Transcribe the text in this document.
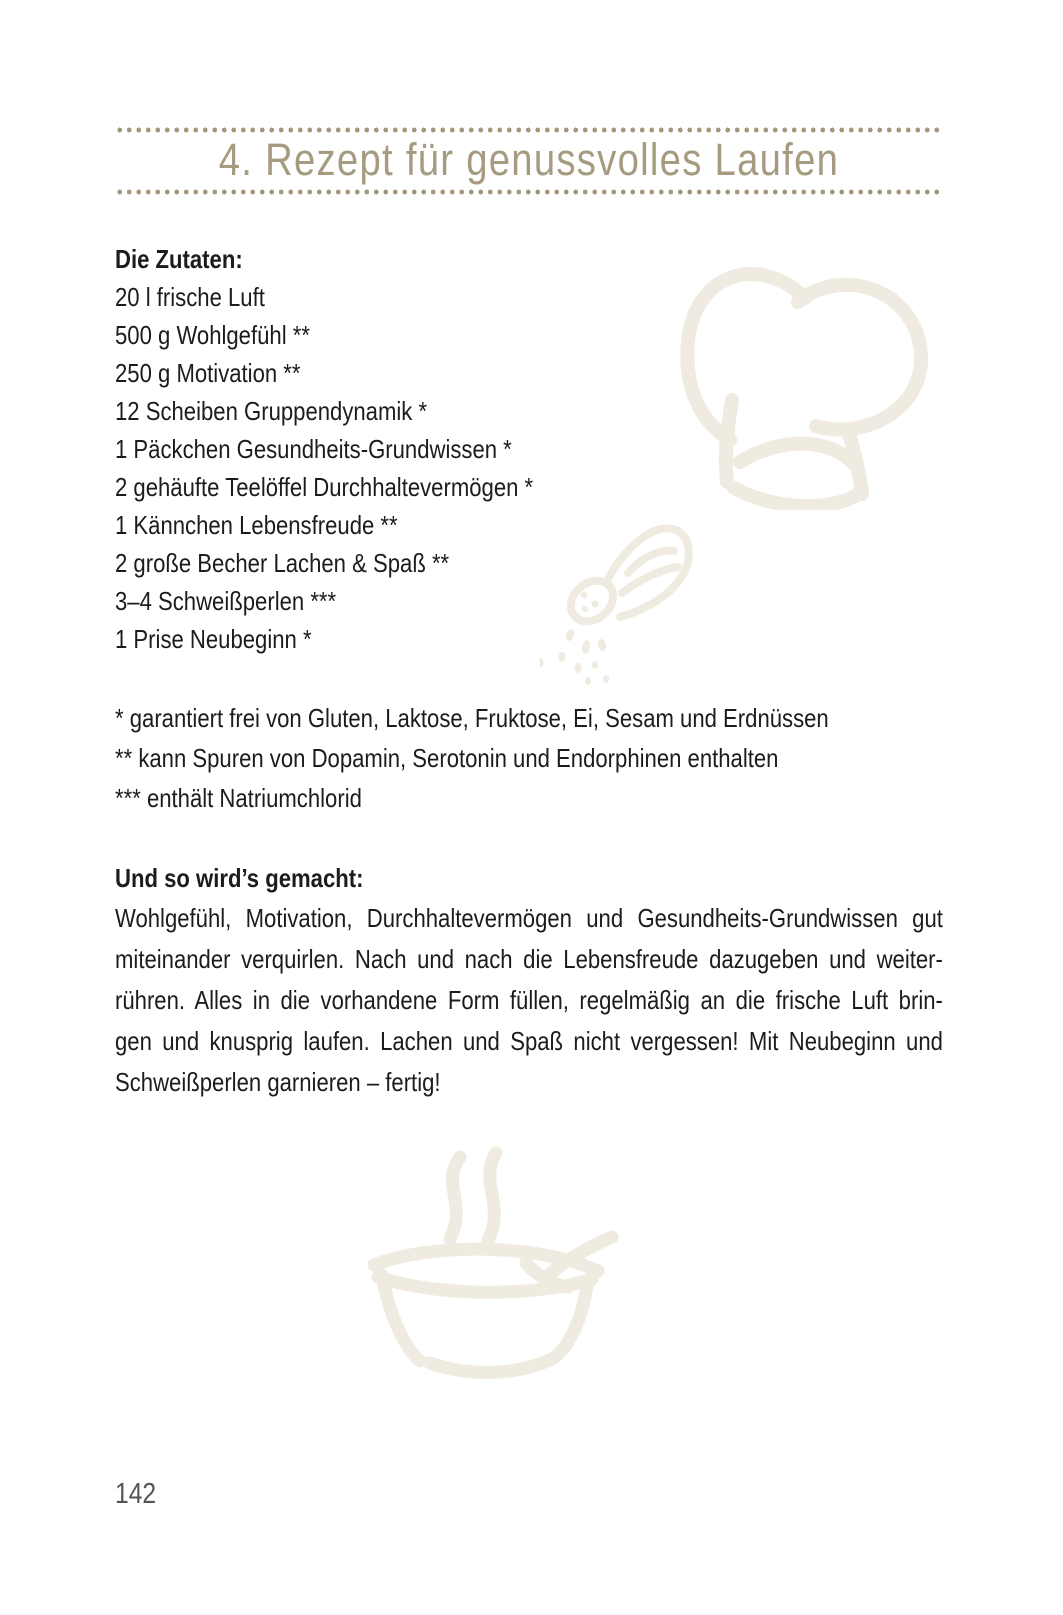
4. Rezept für genussvolles Laufen
Die Zutaten:
20 l frische Luft
500 g Wohlgefühl **
250 g Motivation **
12 Scheiben Gruppendynamik *
1 Päckchen Gesundheits-Grundwissen *
2 gehäufte Teelöffel Durchhaltevermögen *
1 Kännchen Lebensfreude **
2 große Becher Lachen & Spaß **
3–4 Schweißperlen ***
1 Prise Neubeginn *
* garantiert frei von Gluten, Laktose, Fruktose, Ei, Sesam und Erdnüssen
** kann Spuren von Dopamin, Serotonin und Endorphinen enthalten
*** enthält Natriumchlorid
Und so wird’s gemacht:
Wohlgefühl, Motivation, Durchhaltevermögen und Gesundheits-Grundwissen gut
miteinander verquirlen. Nach und nach die Lebensfreude dazugeben und weiter-
rühren. Alles in die vorhandene Form füllen, regelmäßig an die frische Luft brin-
gen und knusprig laufen. Lachen und Spaß nicht vergessen! Mit Neubeginn und
Schweißperlen garnieren – fertig!
142
